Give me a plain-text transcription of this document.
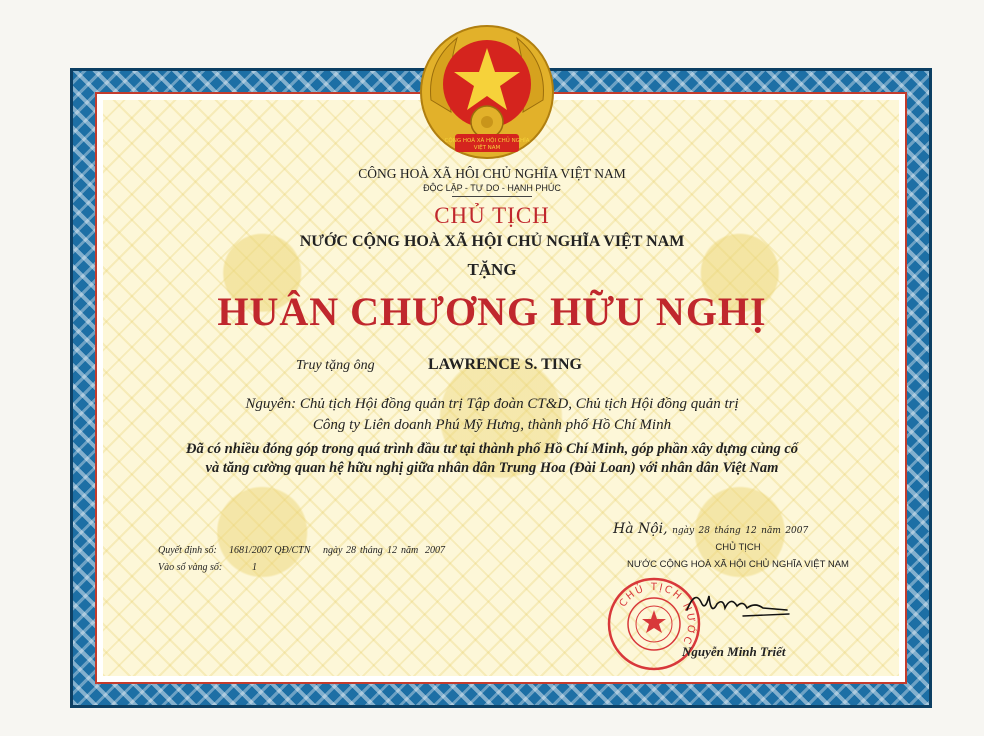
CỘNG HOÀ XÃ HỘI CHỦ NGHĨA
VIỆT NAM
CÔNG HOÀ XÃ HÔI CHỦ NGHĨA VIỆT NAM
ĐỘC LẬP - TỰ DO - HẠNH PHÚC
CHỦ TỊCH
NƯỚC CỘNG HOÀ XÃ HỘI CHỦ NGHĨA VIỆT NAM
TẶNG
HUÂN CHƯƠNG HỮU NGHỊ
Truy tặng ông	LAWRENCE S. TING
Nguyên: Chủ tịch Hội đồng quản trị Tập đoàn CT&D, Chủ tịch Hội đồng quản trị
Công ty Liên doanh Phú Mỹ Hưng, thành phố Hồ Chí Minh
Đã có nhiều đóng góp trong quá trình đầu tư tại thành phố Hồ Chí Minh, góp phần xây dựng củng cố
và tăng cường quan hệ hữu nghị giữa nhân dân Trung Hoa (Đài Loan) với nhân dân Việt Nam
Quyết định số: 1681/2007 QĐ/CTN ngày 28 tháng 12 năm 2007
Vào sổ vàng số:	1
Hà Nội, ngày 28 tháng 12 năm 2007
CHỦ TỊCH
NƯỚC CỘNG HOÀ XÃ HỘI CHỦ NGHĨA VIỆT NAM
CHỦ TỊCH NƯỚC
Nguyễn Minh Triết
